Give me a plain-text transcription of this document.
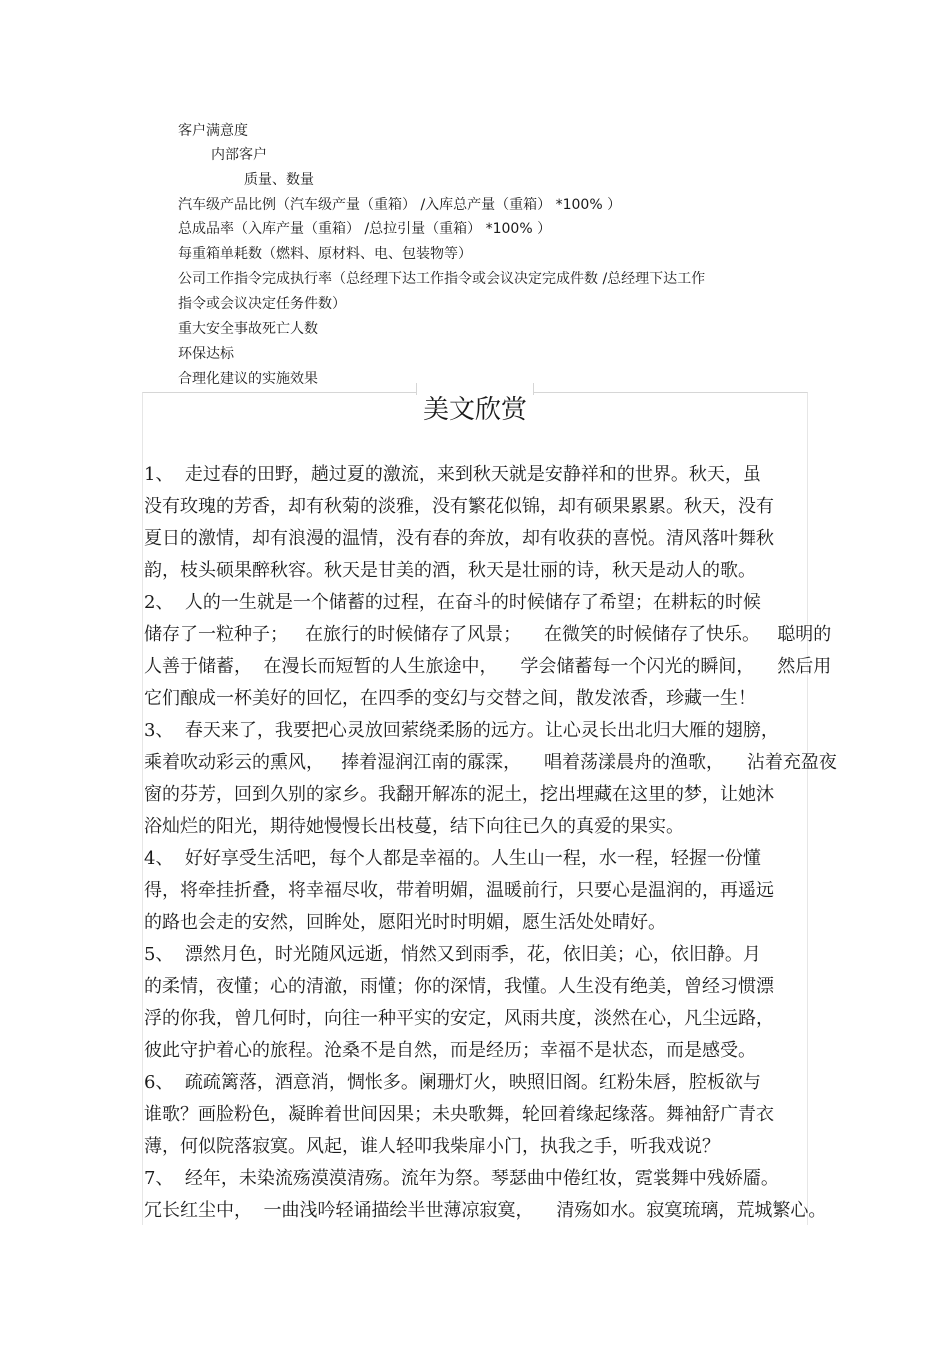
客户满意度
内部客户
质量、数量
汽车级产品比例（汽车级产量（重箱） /入库总产量（重箱） *100% ）
总成品率（入库产量（重箱） /总拉引量（重箱） *100% ）
每重箱单耗数（燃料、原材料、电、包装物等）
公司工作指令完成执行率（总经理下达工作指令或会议决定完成件数 /总经理下达工作
指令或会议决定任务件数）
重大安全事故死亡人数
环保达标
合理化建议的实施效果
美文欣赏
1、  走过春的田野，趟过夏的激流，来到秋天就是安静祥和的世界。秋天，虽
没有玫瑰的芳香，却有秋菊的淡雅，没有繁花似锦，却有硕果累累。秋天，没有
夏日的激情，却有浪漫的温情，没有春的奔放，却有收获的喜悦。清风落叶舞秋
韵，枝头硕果醉秋容。秋天是甘美的酒，秋天是壮丽的诗，秋天是动人的歌。
2、  人的一生就是一个储蓄的过程，在奋斗的时候储存了希望；在耕耘的时候
储存了一粒种子；   在旅行的时候储存了风景；    在微笑的时候储存了快乐。   聪明的
人善于储蓄，  在漫长而短暂的人生旅途中，    学会储蓄每一个闪光的瞬间，    然后用
它们酿成一杯美好的回忆，在四季的变幻与交替之间，散发浓香，珍藏一生！
3、  春天来了，我要把心灵放回萦绕柔肠的远方。让心灵长出北归大雁的翅膀，
乘着吹动彩云的熏风，   捧着湿润江南的霡霂，    唱着荡漾晨舟的渔歌，    沾着充盈夜
窗的芬芳，回到久别的家乡。我翻开解冻的泥土，挖出埋藏在这里的梦，让她沐
浴灿烂的阳光，期待她慢慢长出枝蔓，结下向往已久的真爱的果实。
4、  好好享受生活吧，每个人都是幸福的。人生山一程，水一程，轻握一份懂
得，将牵挂折叠，将幸福尽收，带着明媚，温暖前行，只要心是温润的，再遥远
的路也会走的安然，回眸处，愿阳光时时明媚，愿生活处处晴好。
5、  漂然月色，时光随风远逝，悄然又到雨季，花，依旧美；心，依旧静。月
的柔情，夜懂；心的清澈，雨懂；你的深情，我懂。人生没有绝美，曾经习惯漂
浮的你我，曾几何时，向往一种平实的安定，风雨共度，淡然在心，凡尘远路，
彼此守护着心的旅程。沧桑不是自然，而是经历；幸福不是状态，而是感受。
6、  疏疏篱落，酒意消，惆怅多。阑珊灯火，映照旧阁。红粉朱唇，腔板欲与
谁歌？画脸粉色，凝眸着世间因果；未央歌舞，轮回着缘起缘落。舞袖舒广青衣
薄，何似院落寂寞。风起，谁人轻叩我柴扉小门，执我之手，听我戏说？
7、  经年，未染流殇漠漠清殇。流年为祭。琴瑟曲中倦红妆，霓裳舞中残娇靥。
冗长红尘中，  一曲浅吟轻诵描绘半世薄凉寂寞，    清殇如水。寂寞琉璃，荒城繁心。
